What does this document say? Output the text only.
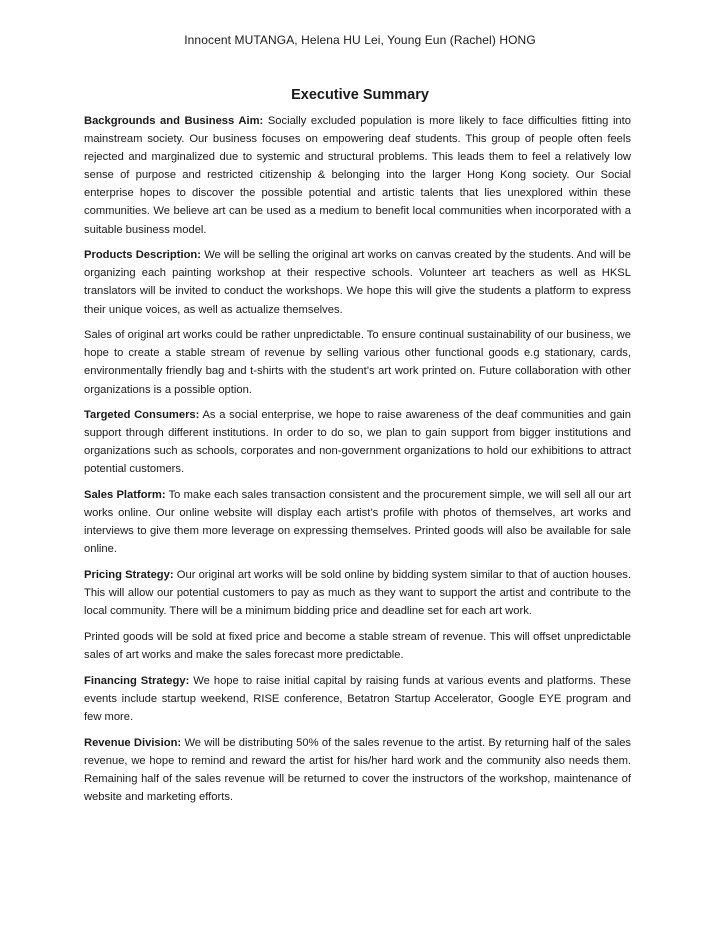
Innocent MUTANGA, Helena HU Lei, Young Eun (Rachel) HONG
Executive Summary

Backgrounds and Business Aim: Socially excluded population is more likely to face difficulties fitting into mainstream society. Our business focuses on empowering deaf students. This group of people often feels rejected and marginalized due to systemic and structural problems. This leads them to feel a relatively low sense of purpose and restricted citizenship & belonging into the larger Hong Kong society. Our Social enterprise hopes to discover the possible potential and artistic talents that lies unexplored within these communities. We believe art can be used as a medium to benefit local communities when incorporated with a suitable business model.

Products Description: We will be selling the original art works on canvas created by the students. And will be organizing each painting workshop at their respective schools. Volunteer art teachers as well as HKSL translators will be invited to conduct the workshops. We hope this will give the students a platform to express their unique voices, as well as actualize themselves.

Sales of original art works could be rather unpredictable. To ensure continual sustainability of our business, we hope to create a stable stream of revenue by selling various other functional goods e.g stationary, cards, environmentally friendly bag and t-shirts with the student’s art work printed on. Future collaboration with other organizations is a possible option.

Targeted Consumers: As a social enterprise, we hope to raise awareness of the deaf communities and gain support through different institutions. In order to do so, we plan to gain support from bigger institutions and organizations such as schools, corporates and non-government organizations to hold our exhibitions to attract potential customers.

Sales Platform: To make each sales transaction consistent and the procurement simple, we will sell all our art works online. Our online website will display each artist’s profile with photos of themselves, art works and interviews to give them more leverage on expressing themselves. Printed goods will also be available for sale online.

Pricing Strategy: Our original art works will be sold online by bidding system similar to that of auction houses. This will allow our potential customers to pay as much as they want to support the artist and contribute to the local community. There will be a minimum bidding price and deadline set for each art work.

Printed goods will be sold at fixed price and become a stable stream of revenue. This will offset unpredictable sales of art works and make the sales forecast more predictable.

Financing Strategy: We hope to raise initial capital by raising funds at various events and platforms. These events include startup weekend, RISE conference, Betatron Startup Accelerator, Google EYE program and few more.

Revenue Division: We will be distributing 50% of the sales revenue to the artist. By returning half of the sales revenue, we hope to remind and reward the artist for his/her hard work and the community also needs them. Remaining half of the sales revenue will be returned to cover the instructors of the workshop, maintenance of website and marketing efforts.
